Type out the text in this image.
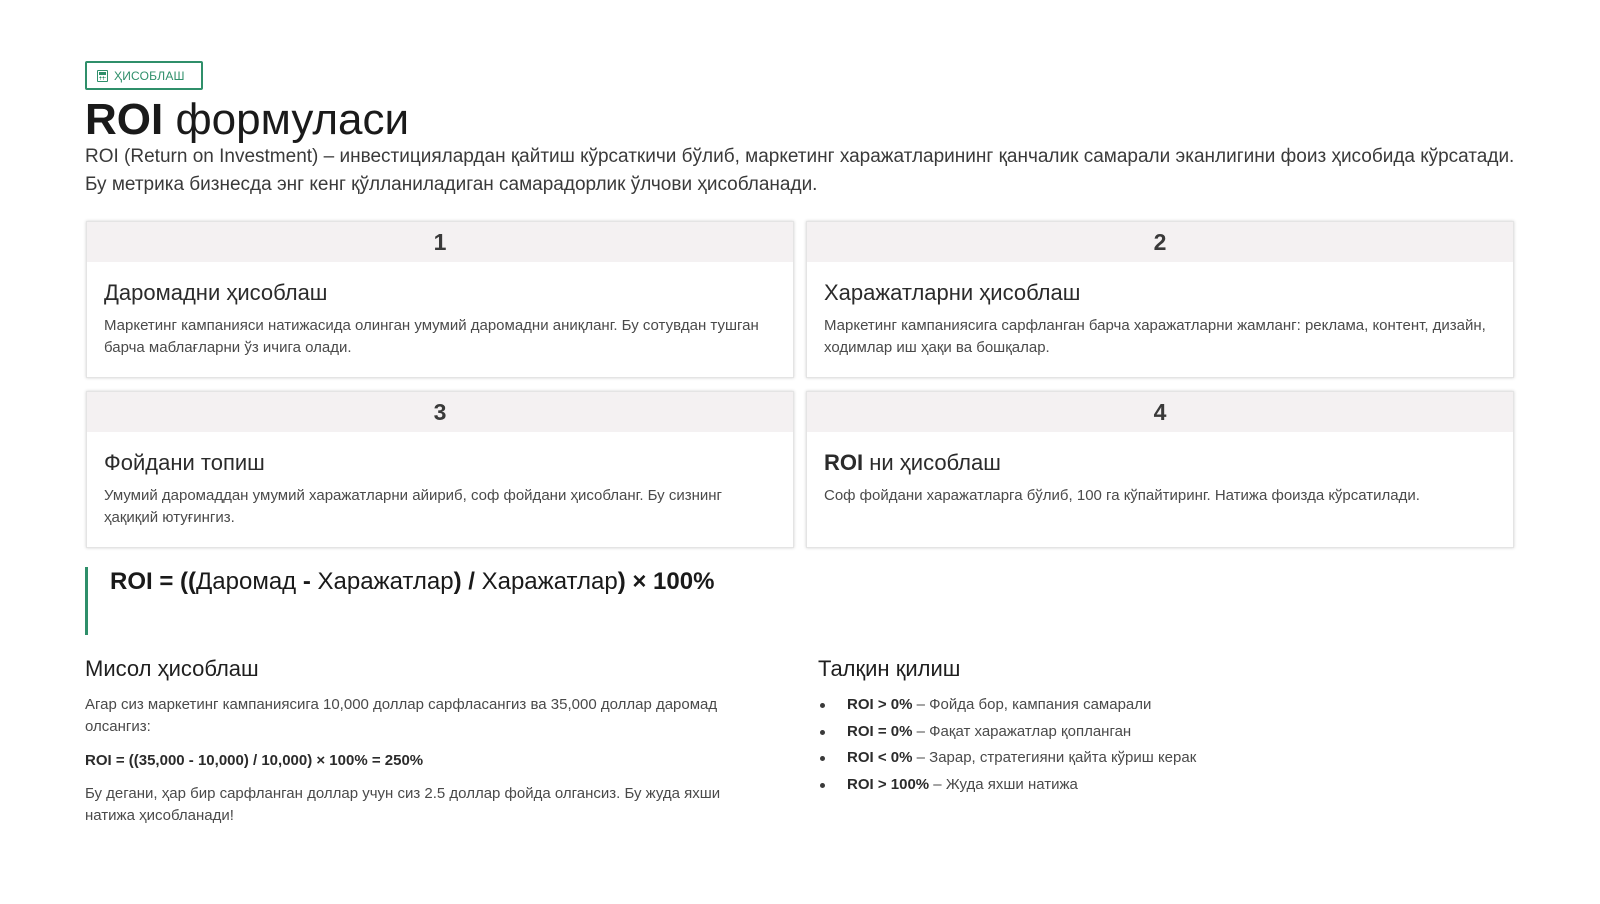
ҲИСОБЛАШ
ROI формуласи

ROI (Return on Investment) – инвестициялардан қайтиш кўрсаткичи бўлиб, маркетинг харажатларининг қанчалик самарали эканлигини фоиз ҳисобида кўрсатади. Бу метрика бизнесда энг кенг қўлланиладиган самарадорлик ўлчови ҳисобланади.

1
Даромадни ҳисоблаш
Маркетинг кампанияси натижасида олинган умумий даромадни аниқланг. Бу сотувдан тушган барча маблағларни ўз ичига олади.
2
Харажатларни ҳисоблаш
Маркетинг кампаниясига сарфланган барча харажатларни жамланг: реклама, контент, дизайн, ходимлар иш ҳақи ва бошқалар.
3
Фойдани топиш
Умумий даромаддан умумий харажатларни айириб, соф фойдани ҳисобланг. Бу сизнинг ҳақиқий ютуғингиз.
4
ROI ни ҳисоблаш
Соф фойдани харажатларга бўлиб, 100 га кўпайтиринг. Натижа фоизда кўрсатилади.
ROI = ((Даромад - Харажатлар) / Харажатлар) × 100%
Мисол ҳисоблаш

Агар сиз маркетинг кампаниясига 10,000 доллар сарфласангиз ва 35,000 доллар даромад олсангиз:

ROI = ((35,000 - 10,000) / 10,000) × 100% = 250%

Бу дегани, ҳар бир сарфланган доллар учун сиз 2.5 доллар фойда олгансиз. Бу жуда яхши натижа ҳисобланади!

Талқин қилиш
ROI > 0% – Фойда бор, кампания самарали
ROI = 0% – Фақат харажатлар қопланган
ROI < 0% – Зарар, стратегияни қайта кўриш керак
ROI > 100% – Жуда яхши натижа
